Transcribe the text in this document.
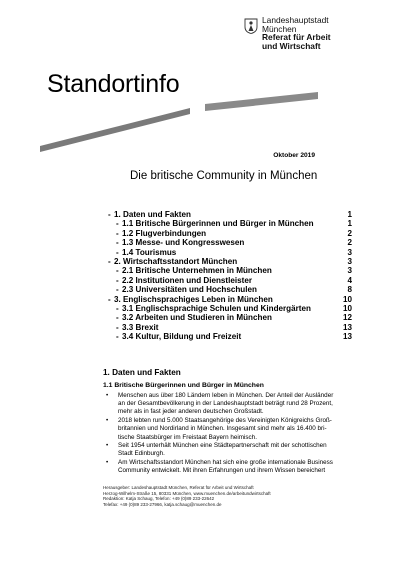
Landeshauptstadt
München
Referat für Arbeit
und Wirtschaft
Standortinfo
Oktober 2019
Die britische Community in München
- 1. Daten und Fakten	1
- 1.1 Britische Bürgerinnen und Bürger in München	1
- 1.2 Flugverbindungen	2
- 1.3 Messe- und Kongresswesen	2
- 1.4 Tourismus	3
- 2. Wirtschaftsstandort München	3
- 2.1 Britische Unternehmen in München	3
- 2.2 Institutionen und Dienstleister	4
- 2.3 Universitäten und Hochschulen	8
- 3. Englischsprachiges Leben in München	10
- 3.1 Englischsprachige Schulen und Kindergärten	10
- 3.2 Arbeiten und Studieren in München	12
- 3.3 Brexit	13
- 3.4 Kultur, Bildung und Freizeit	13
1. Daten und Fakten
1.1 Britische Bürgerinnen und Bürger in München
• Menschen aus über 180 Ländern leben in München. Der Anteil der Ausländer
an der Gesamtbevölkerung in der Landeshauptstadt beträgt rund 28 Prozent,
mehr als in fast jeder anderen deutschen Großstadt.
• 2018 lebten rund 5.000 Staatsangehörige des Vereinigten Königreichs Groß-
britannien und Nordirland in München. Insgesamt sind mehr als 16.400 bri-
tische Staatsbürger im Freistaat Bayern heimisch.
• Seit 1954 unterhält München eine Städtepartnerschaft mit der schottischen
Stadt Edinburgh.
• Am Wirtschaftsstandort München hat sich eine große internationale Business
Community entwickelt. Mit ihren Erfahrungen und ihrem Wissen bereichert
Herausgeber: Landeshauptstadt München, Referat für Arbeit und Wirtschaft
Herzog-Wilhelm-Straße 15, 80331 München, www.muenchen.de/arbeitundwirtschaft
Redaktion: Katja Schaug, Telefon: +49 (0)89 233-22642
Telefax: +49 (0)89 233-27966, katja.schaug@muenchen.de
